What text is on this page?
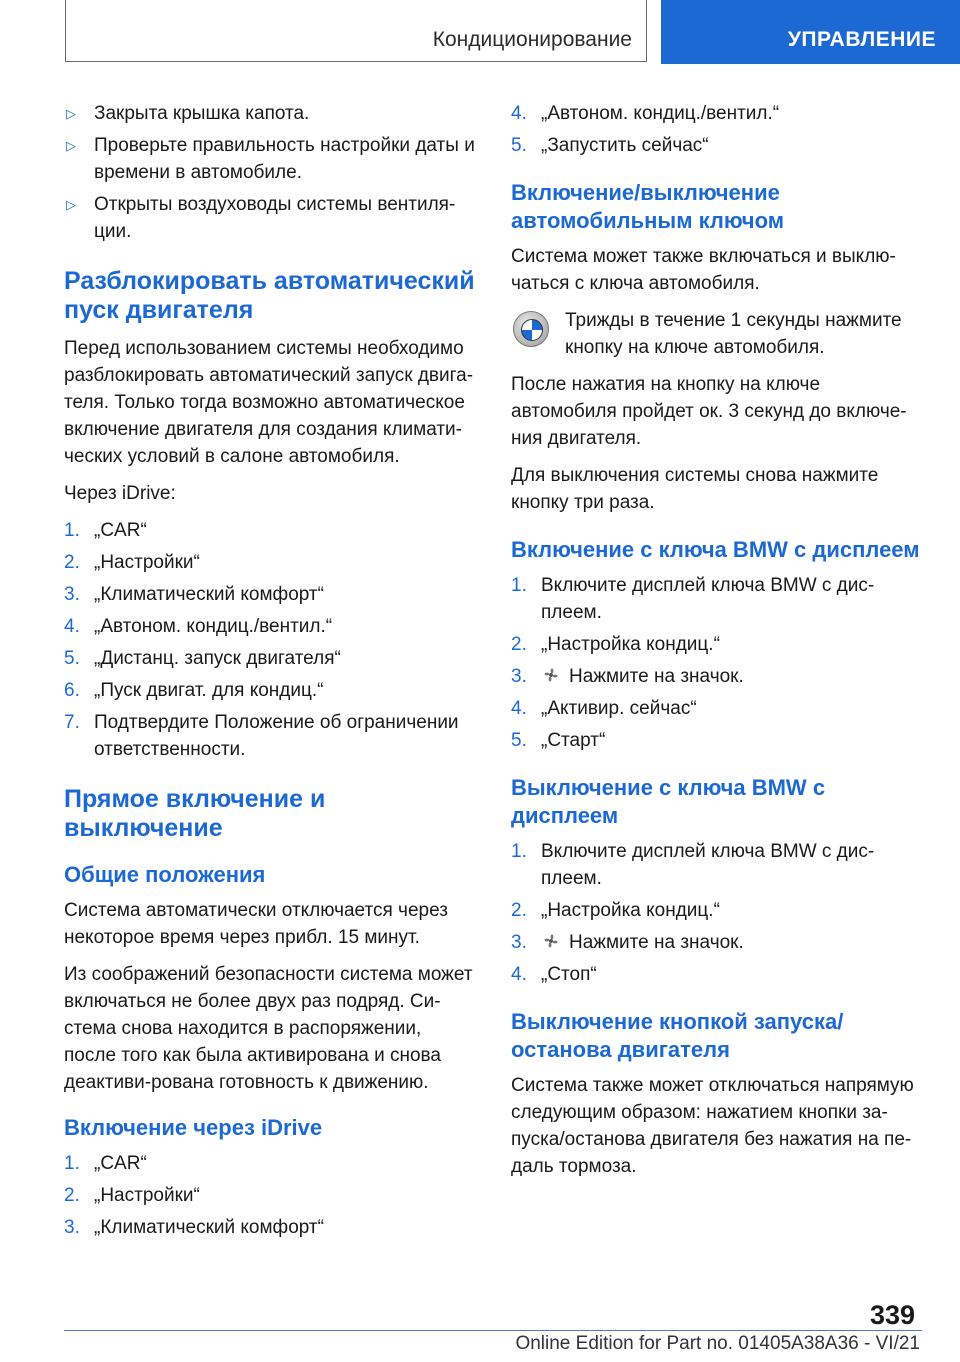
Кондиционирование	УПРАВЛЕНИЕ
▷ Закрыта крышка капота.
▷ Проверьте правильность настройки даты и времени в автомобиле.
▷ Открыты воздуховоды системы вентиля-ции.
Разблокировать автоматический пуск двигателя

Перед использованием системы необходимо разблокировать автоматический запуск двига-теля. Только тогда возможно автоматическое включение двигателя для создания климати-ческих условий в салоне автомобиля.

Через iDrive:

1. „CAR“
2. „Настройки“
3. „Климатический комфорт“
4. „Автоном. кондиц./вентил.“
5. „Дистанц. запуск двигателя“
6. „Пуск двигат. для кондиц.“
7. Подтвердите Положение об ограничении ответственности.
Прямое включение и выключение
Общие положения

Система автоматически отключается через некоторое время через прибл. 15 минут.

Из соображений безопасности система может включаться не более двух раз подряд. Си-стема снова находится в распоряжении, после того как была активирована и снова деактиви-рована готовность к движению.

Включение через iDrive
1. „CAR“
2. „Настройки“
3. „Климатический комфорт“
4. „Автоном. кондиц./вентил.“
5. „Запустить сейчас“
Включение/выключение автомобильным ключом

Система может также включаться и выклю-чаться с ключа автомобиля.

Трижды в течение 1 секунды нажмите кнопку на ключе автомобиля.

После нажатия на кнопку на ключе автомобиля пройдет ок. 3 секунд до включе-ния двигателя.

Для выключения системы снова нажмите кнопку три раза.

Включение с ключа BMW с дисплеем
1. Включите дисплей ключа BMW с дис-плеем.
2. „Настройка кондиц.“
3. Нажмите на значок.
4. „Активир. сейчас“
5. „Старт“
Выключение с ключа BMW с дисплеем
1. Включите дисплей ключа BMW с дис-плеем.
2. „Настройка кондиц.“
3. Нажмите на значок.
4. „Стоп“
Выключение кнопкой запуска/ останова двигателя

Система также может отключаться напрямую следующим образом: нажатием кнопки за-пуска/останова двигателя без нажатия на пе-даль тормоза.

339
Online Edition for Part no. 01405A38A36 - VI/21
